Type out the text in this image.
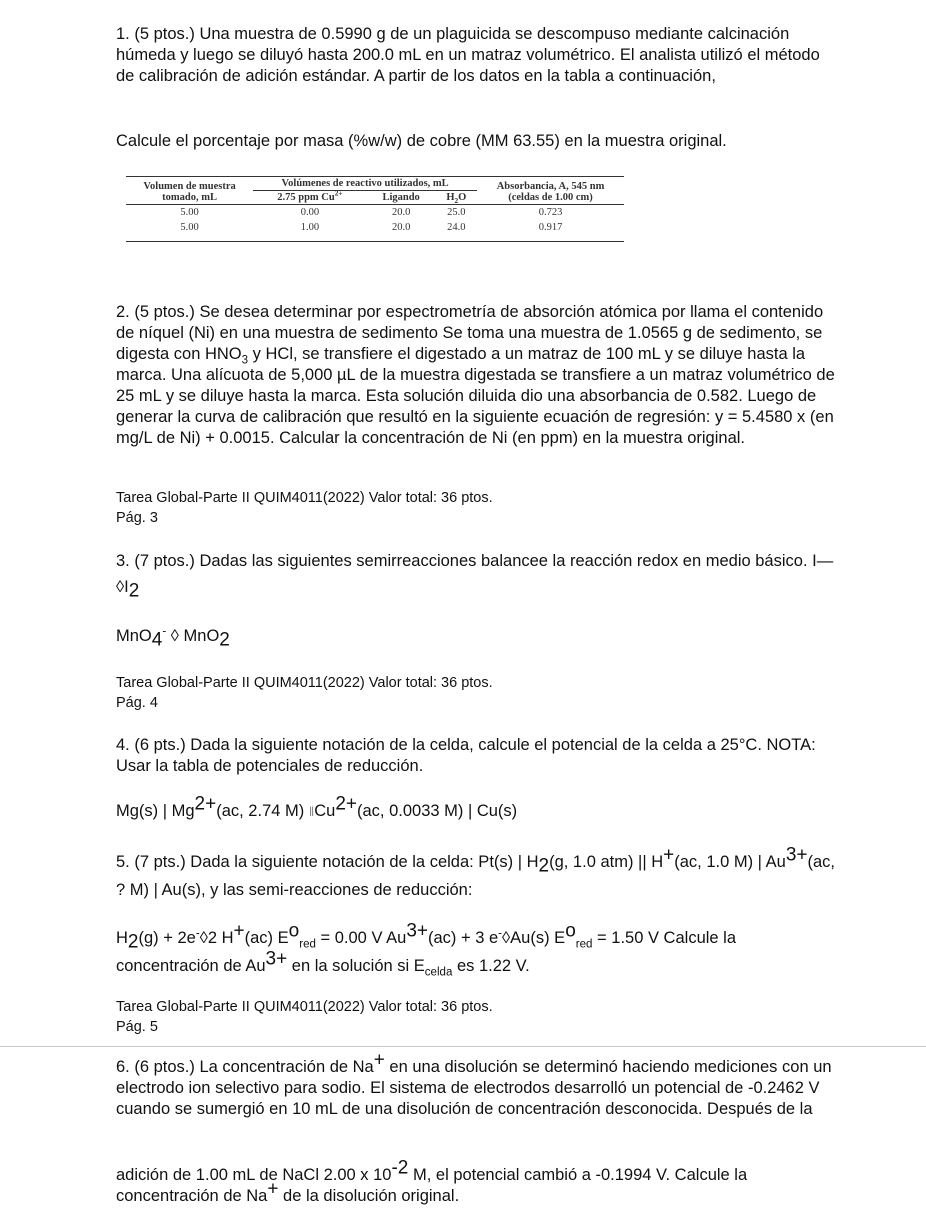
1. (5 ptos.) Una muestra de 0.5990 g de un plaguicida se descompuso mediante calcinación húmeda y luego se diluyó hasta 200.0 mL en un matraz volumétrico. El analista utilizó el método de calibración de adición estándar. A partir de los datos en la tabla a continuación,

Calcule el porcentaje por masa (%w/w) de cobre (MM 63.55) en la muestra original.

Volumen de muestra
tomado, mL	Volúmenes de reactivo utilizados, mL			Absorbancia, A, 545 nm
(celdas de 1.00 cm)
	2.75 ppm $Cu^{2+}$	Ligando	$H_2O$	
5.00	0.00	20.0	25.0	0.723
5.00	1.00	20.0	24.0	0.917

2. (5 ptos.) Se desea determinar por espectrometría de absorción atómica por llama el contenido de níquel (Ni) en una muestra de sedimento Se toma una muestra de 1.0565 g de sedimento, se digesta con $HNO_3$ y HCl, se transfiere el digestado a un matraz de 100 mL y se diluye hasta la marca. Una alícuota de 5,000 µL de la muestra digestada se transfiere a un matraz volumétrico de 25 mL y se diluye hasta la marca. Esta solución diluida dio una absorbancia de 0.582. Luego de generar la curva de calibración que resultó en la siguiente ecuación de regresión: y = 5.4580 x (en mg/L de Ni) + 0.0015. Calcular la concentración de Ni (en ppm) en la muestra original.

Tarea Global-Parte II QUIM4011(2022) Valor total: 36 ptos.

Pág. 3

3. (7 ptos.) Dadas las siguientes semirreacciones balancee la reacción redox en medio básico. $I—◊I_2$

MnO$_4$- ◊ MnO$_2$

Tarea Global-Parte II QUIM4011(2022) Valor total: 36 ptos.

Pág. 4

4. (6 pts.) Dada la siguiente notación de la celda, calcule el potencial de la celda a 25°C. NOTA: Usar la tabla de potenciales de reducción.

Mg(s) | $Mg^{2+}(ac$, 2.74 M) ǁCu$^{2+}$(ac, 0.0033 M) | Cu(s)

5. (7 pts.) Dada la siguiente notación de la celda: Pt(s) | $H_2(g$, 1.0 atm) || H+(ac, 1.0 M) | $Au^{3+}(ac$, ? M) | Au(s), y las semi-reacciones de reducción:

$H_2(g)$ + 2e-◊2 H+(ac) $E^o_{red} = 0.00$ V $Au^{3+}(ac) + 3$ e-◊Au(s) $E^o_{red} = 1.50$ V Calcule la concentración de $Au^{3+}$ en la solución si $E_{celda}$ es 1.22 V.

Tarea Global-Parte II QUIM4011(2022) Valor total: 36 ptos.

Pág. 5

6. (6 ptos.) La concentración de Na+ en una disolución se determinó haciendo mediciones con un electrodo ion selectivo para sodio. El sistema de electrodos desarrolló un potencial de -0.2462 V cuando se sumergió en 10 mL de una disolución de concentración desconocida. Después de la

adición de 1.00 mL de NaCl 2.00 x $10^{-2}$ M, el potencial cambió a -0.1994 V. Calcule la concentración de Na+ de la disolución original.
